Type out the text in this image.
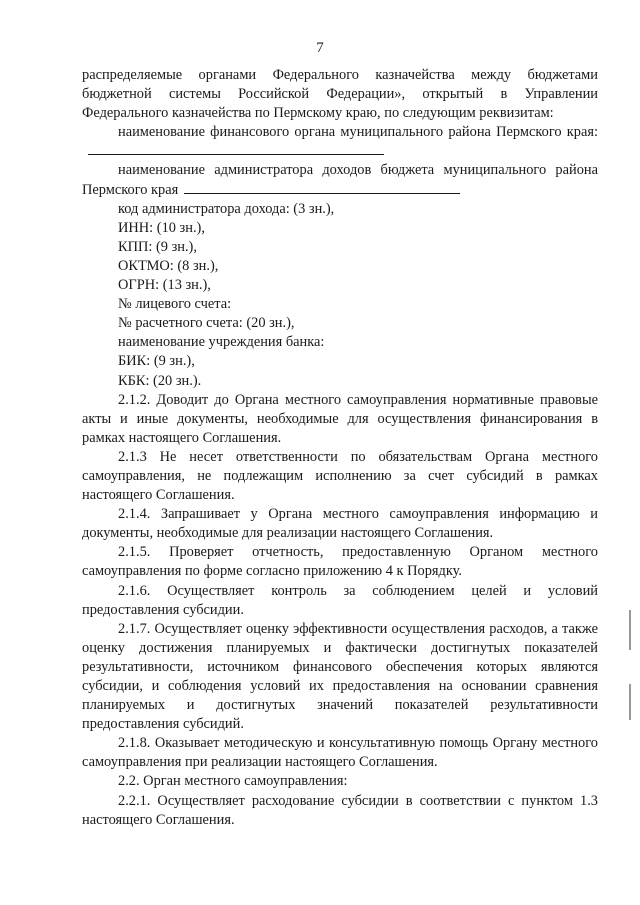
7

распределяемые органами Федерального казначейства между бюджетами бюджетной системы Российской Федерации», открытый в Управлении Федерального казначейства по Пермскому краю, по следующим реквизитам:

наименование финансового органа муниципального района Пермского края:

наименование администратора доходов бюджета муниципального района Пермского края

код администратора дохода: (3 зн.),

ИНН: (10 зн.),

КПП: (9 зн.),

ОКТМО: (8 зн.),

ОГРН: (13 зн.),

№ лицевого счета:

№ расчетного счета: (20 зн.),

наименование учреждения банка:

БИК: (9 зн.),

КБК: (20 зн.).

2.1.2. Доводит до Органа местного самоуправления нормативные правовые акты и иные документы, необходимые для осуществления финансирования в рамках настоящего Соглашения.

2.1.3 Не несет ответственности по обязательствам Органа местного самоуправления, не подлежащим исполнению за счет субсидий в рамках настоящего Соглашения.

2.1.4. Запрашивает у Органа местного самоуправления информацию и документы, необходимые для реализации настоящего Соглашения.

2.1.5. Проверяет отчетность, предоставленную Органом местного самоуправления по форме согласно приложению 4 к Порядку.

2.1.6. Осуществляет контроль за соблюдением целей и условий предоставления субсидии.

2.1.7. Осуществляет оценку эффективности осуществления расходов, а также оценку достижения планируемых и фактически достигнутых показателей результативности, источником финансового обеспечения которых являются субсидии, и соблюдения условий их предоставления на основании сравнения планируемых и достигнутых значений показателей результативности предоставления субсидий.

2.1.8. Оказывает методическую и консультативную помощь Органу местного самоуправления при реализации настоящего Соглашения.

2.2. Орган местного самоуправления:

2.2.1. Осуществляет расходование субсидии в соответствии с пунктом 1.3 настоящего Соглашения.
